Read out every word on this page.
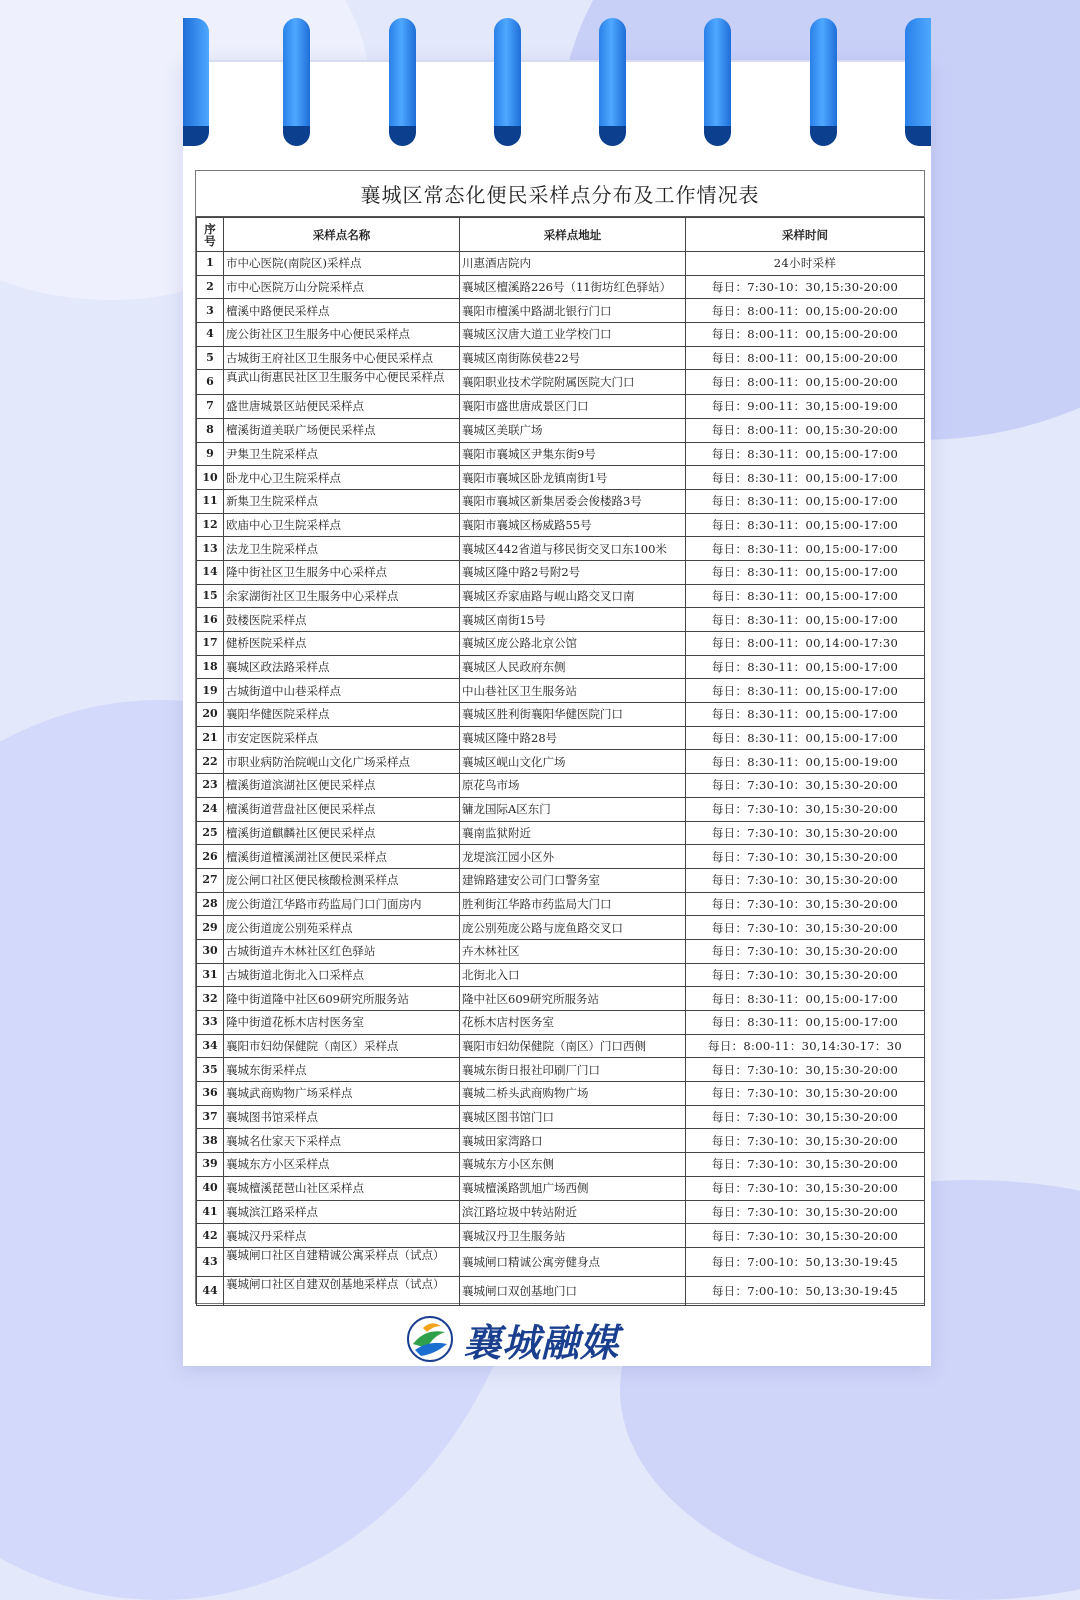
襄城区常态化便民采样点分布及工作情况表
序号	采样点名称	采样点地址	采样时间
1	市中心医院(南院区)采样点	川惠酒店院内	24小时采样
2	市中心医院万山分院采样点	襄城区檀溪路226号（11街坊红色驿站）	每日：7:30-10：30,15:30-20:00
3	檀溪中路便民采样点	襄阳市檀溪中路湖北银行门口	每日：8:00-11：00,15:00-20:00
4	庞公街社区卫生服务中心便民采样点	襄城区汉唐大道工业学校门口	每日：8:00-11：00,15:00-20:00
5	古城街王府社区卫生服务中心便民采样点	襄城区南街陈侯巷22号	每日：8:00-11：00,15:00-20:00
6	真武山街惠民社区卫生服务中心便民采样点	襄阳职业技术学院附属医院大门口	每日：8:00-11：00,15:00-20:00
7	盛世唐城景区站便民采样点	襄阳市盛世唐成景区门口	每日：9:00-11：30,15:00-19:00
8	檀溪街道美联广场便民采样点	襄城区美联广场	每日：8:00-11：00,15:30-20:00
9	尹集卫生院采样点	襄阳市襄城区尹集东街9号	每日：8:30-11：00,15:00-17:00
10	卧龙中心卫生院采样点	襄阳市襄城区卧龙镇南街1号	每日：8:30-11：00,15:00-17:00
11	新集卫生院采样点	襄阳市襄城区新集居委会俊楼路3号	每日：8:30-11：00,15:00-17:00
12	欧庙中心卫生院采样点	襄阳市襄城区杨威路55号	每日：8:30-11：00,15:00-17:00
13	法龙卫生院采样点	襄城区442省道与移民街交叉口东100米	每日：8:30-11：00,15:00-17:00
14	隆中街社区卫生服务中心采样点	襄城区隆中路2号附2号	每日：8:30-11：00,15:00-17:00
15	余家湖街社区卫生服务中心采样点	襄城区乔家庙路与岘山路交叉口南	每日：8:30-11：00,15:00-17:00
16	鼓楼医院采样点	襄城区南街15号	每日：8:30-11：00,15:00-17:00
17	健桥医院采样点	襄城区庞公路北京公馆	每日：8:00-11：00,14:00-17:30
18	襄城区政法路采样点	襄城区人民政府东侧	每日：8:30-11：00,15:00-17:00
19	古城街道中山巷采样点	中山巷社区卫生服务站	每日：8:30-11：00,15:00-17:00
20	襄阳华健医院采样点	襄城区胜利街襄阳华健医院门口	每日：8:30-11：00,15:00-17:00
21	市安定医院采样点	襄城区隆中路28号	每日：8:30-11：00,15:00-17:00
22	市职业病防治院岘山文化广场采样点	襄城区岘山文化广场	每日：8:30-11：00,15:00-19:00
23	檀溪街道滨湖社区便民采样点	原花鸟市场	每日：7:30-10：30,15:30-20:00
24	檀溪街道营盘社区便民采样点	镛龙国际A区东门	每日：7:30-10：30,15:30-20:00
25	檀溪街道麒麟社区便民采样点	襄南监狱附近	每日：7:30-10：30,15:30-20:00
26	檀溪街道檀溪湖社区便民采样点	龙堤滨江园小区外	每日：7:30-10：30,15:30-20:00
27	庞公闸口社区便民核酸检测采样点	建锦路建安公司门口警务室	每日：7:30-10：30,15:30-20:00
28	庞公街道江华路市药监局门口门面房内	胜利街江华路市药监局大门口	每日：7:30-10：30,15:30-20:00
29	庞公街道庞公别苑采样点	庞公别苑庞公路与庞鱼路交叉口	每日：7:30-10：30,15:30-20:00
30	古城街道卉木林社区红色驿站	卉木林社区	每日：7:30-10：30,15:30-20:00
31	古城街道北街北入口采样点	北街北入口	每日：7:30-10：30,15:30-20:00
32	隆中街道隆中社区609研究所服务站	隆中社区609研究所服务站	每日：8:30-11：00,15:00-17:00
33	隆中街道花栎木店村医务室	花栎木店村医务室	每日：8:30-11：00,15:00-17:00
34	襄阳市妇幼保健院（南区）采样点	襄阳市妇幼保健院（南区）门口西侧	每日：8:00-11：30,14:30-17：30
35	襄城东街采样点	襄城东街日报社印刷厂门口	每日：7:30-10：30,15:30-20:00
36	襄城武商购物广场采样点	襄城二桥头武商购物广场	每日：7:30-10：30,15:30-20:00
37	襄城图书馆采样点	襄城区图书馆门口	每日：7:30-10：30,15:30-20:00
38	襄城名仕家天下采样点	襄城田家湾路口	每日：7:30-10：30,15:30-20:00
39	襄城东方小区采样点	襄城东方小区东侧	每日：7:30-10：30,15:30-20:00
40	襄城檀溪琵琶山社区采样点	襄城檀溪路凯旭广场西侧	每日：7:30-10：30,15:30-20:00
41	襄城滨江路采样点	滨江路垃圾中转站附近	每日：7:30-10：30,15:30-20:00
42	襄城汉丹采样点	襄城汉丹卫生服务站	每日：7:30-10：30,15:30-20:00
43	襄城闸口社区自建精诚公寓采样点（试点）	襄城闸口精诚公寓旁健身点	每日：7:00-10：50,13:30-19:45
44	襄城闸口社区自建双创基地采样点（试点）	襄城闸口双创基地门口	每日：7:00-10：50,13:30-19:45
襄城融媒
